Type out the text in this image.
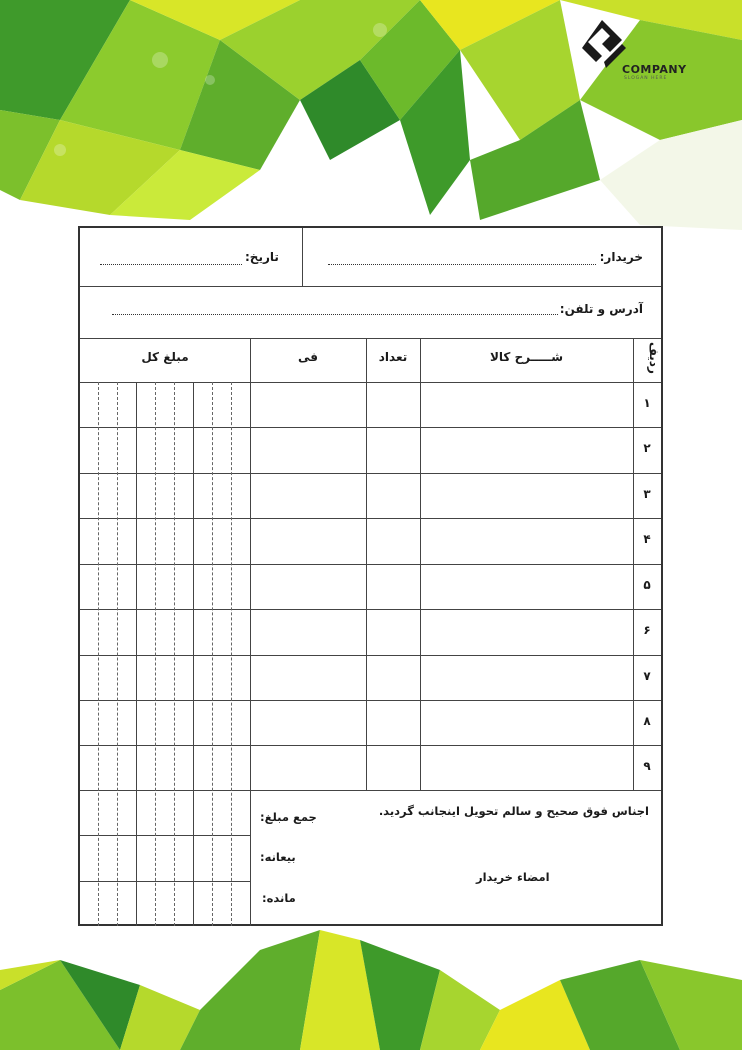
COMPANY
SLOGAN HERE
خریدار:
تاریخ:
آدرس و تلفن:
ردیف
شـــــرح کالا
تعداد
فی
مبلغ کل
۱
۲
۳
۴
۵
۶
۷
۸
۹
اجناس فوق صحیح و سالم تحویل اینجانب گردید.
امضاء خریدار
جمع مبلغ:
بیعانه:
مانده:
